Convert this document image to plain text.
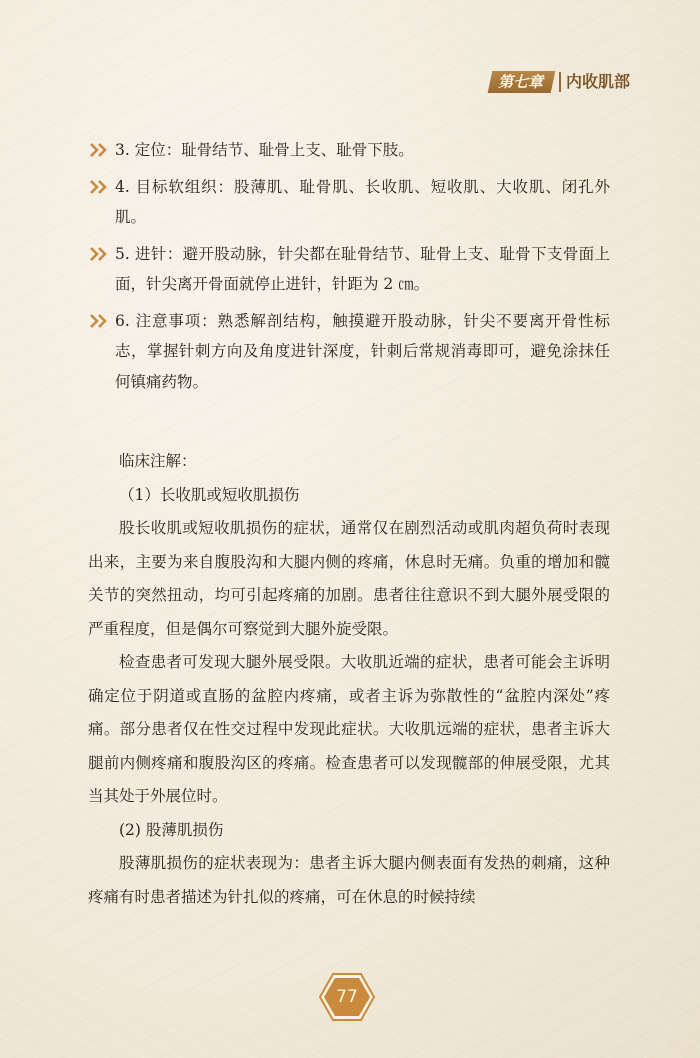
第七章	内收肌部
3. 定位：耻骨结节、耻骨上支、耻骨下肢。
4. 目标软组织：股薄肌、耻骨肌、长收肌、短收肌、大收肌、闭孔外肌。
5. 进针：避开股动脉，针尖都在耻骨结节、耻骨上支、耻骨下支骨面上面，针尖离开骨面就停止进针，针距为 2 ㎝。
6. 注意事项：熟悉解剖结构，触摸避开股动脉，针尖不要离开骨性标志，掌握针刺方向及角度进针深度，针刺后常规消毒即可，避免涂抹任何镇痛药物。

临床注解：

（1）长收肌或短收肌损伤

股长收肌或短收肌损伤的症状，通常仅在剧烈活动或肌肉超负荷时表现出来，主要为来自腹股沟和大腿内侧的疼痛，休息时无痛。负重的增加和髋关节的突然扭动，均可引起疼痛的加剧。患者往往意识不到大腿外展受限的严重程度，但是偶尔可察觉到大腿外旋受限。

检查患者可发现大腿外展受限。大收肌近端的症状，患者可能会主诉明确定位于阴道或直肠的盆腔内疼痛，或者主诉为弥散性的“盆腔内深处”疼痛。部分患者仅在性交过程中发现此症状。大收肌远端的症状，患者主诉大腿前内侧疼痛和腹股沟区的疼痛。检查患者可以发现髋部的伸展受限，尤其当其处于外展位时。

(2) 股薄肌损伤

股薄肌损伤的症状表现为：患者主诉大腿内侧表面有发热的刺痛，这种疼痛有时患者描述为针扎似的疼痛，可在休息的时候持续

77
